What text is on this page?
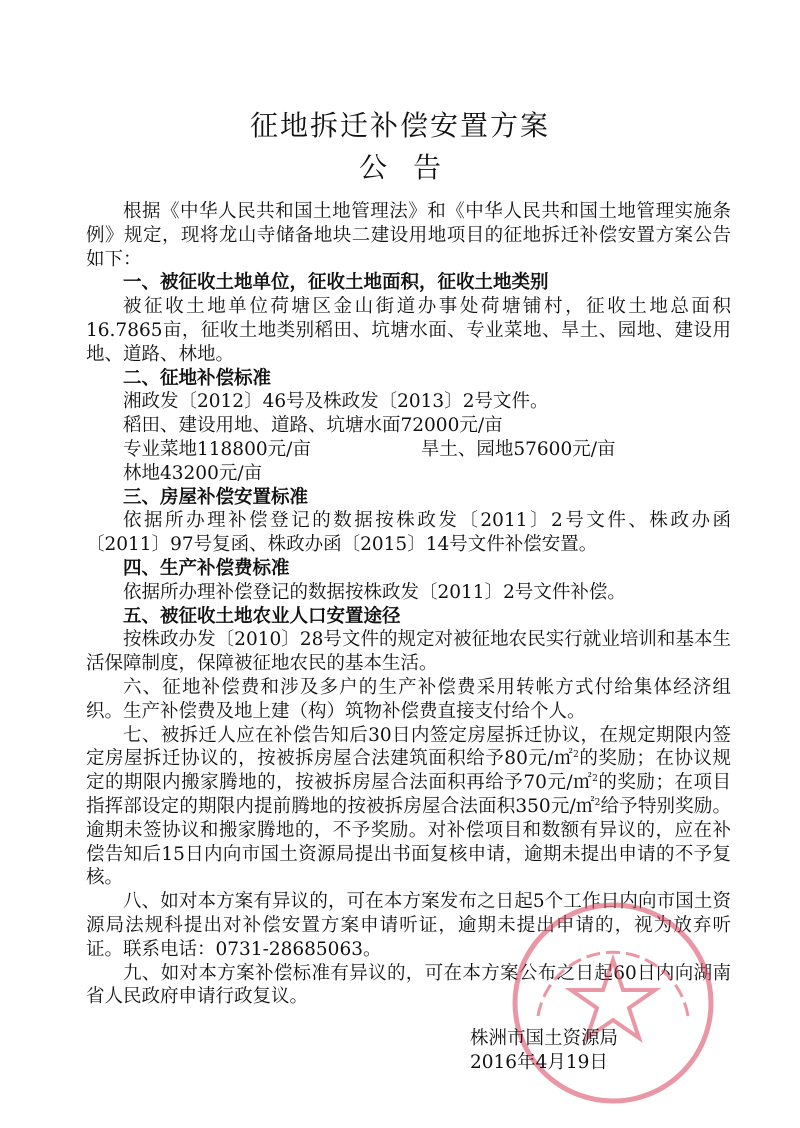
征地拆迁补偿安置方案
公告

根据《中华人民共和国土地管理法》和《中华人民共和国土地管理实施条例》规定，现将龙山寺储备地块二建设用地项目的征地拆迁补偿安置方案公告如下：

一、被征收土地单位，征收土地面积，征收土地类别

被征收土地单位荷塘区金山街道办事处荷塘铺村，征收土地总面积16.7865亩，征收土地类别稻田、坑塘水面、专业菜地、旱土、园地、建设用地、道路、林地。

二、征地补偿标准

湘政发〔2012〕46号及株政发〔2013〕2号文件。

稻田、建设用地、道路、坑塘水面72000元/亩

专业菜地118800元/亩	旱土、园地57600元/亩

林地43200元/亩

三、房屋补偿安置标准

依据所办理补偿登记的数据按株政发〔2011〕2号文件、株政办函〔2011〕97号复函、株政办函〔2015〕14号文件补偿安置。

四、生产补偿费标准

依据所办理补偿登记的数据按株政发〔2011〕2号文件补偿。

五、被征收土地农业人口安置途径

按株政办发〔2010〕28号文件的规定对被征地农民实行就业培训和基本生活保障制度，保障被征地农民的基本生活。

六、征地补偿费和涉及多户的生产补偿费采用转帐方式付给集体经济组织。生产补偿费及地上建（构）筑物补偿费直接支付给个人。

七、被拆迁人应在补偿告知后30日内签定房屋拆迁协议，在规定期限内签定房屋拆迁协议的，按被拆房屋合法建筑面积给予80元/㎡$^2$的奖励；在协议规定的期限内搬家腾地的，按被拆房屋合法面积再给予70元/㎡$^2$的奖励；在项目指挥部设定的期限内提前腾地的按被拆房屋合法面积350元/㎡$^2$给予特别奖励。逾期未签协议和搬家腾地的，不予奖励。对补偿项目和数额有异议的，应在补偿告知后15日内向市国土资源局提出书面复核申请，逾期未提出申请的不予复核。

八、如对本方案有异议的，可在本方案发布之日起5个工作日内向市国土资源局法规科提出对补偿安置方案申请听证，逾期未提出申请的，视为放弃听证。联系电话：0731-28685063。

九、如对本方案补偿标准有异议的，可在本方案公布之日起60日内向湖南省人民政府申请行政复议。

株洲市国土资源局
2016年4月19日
